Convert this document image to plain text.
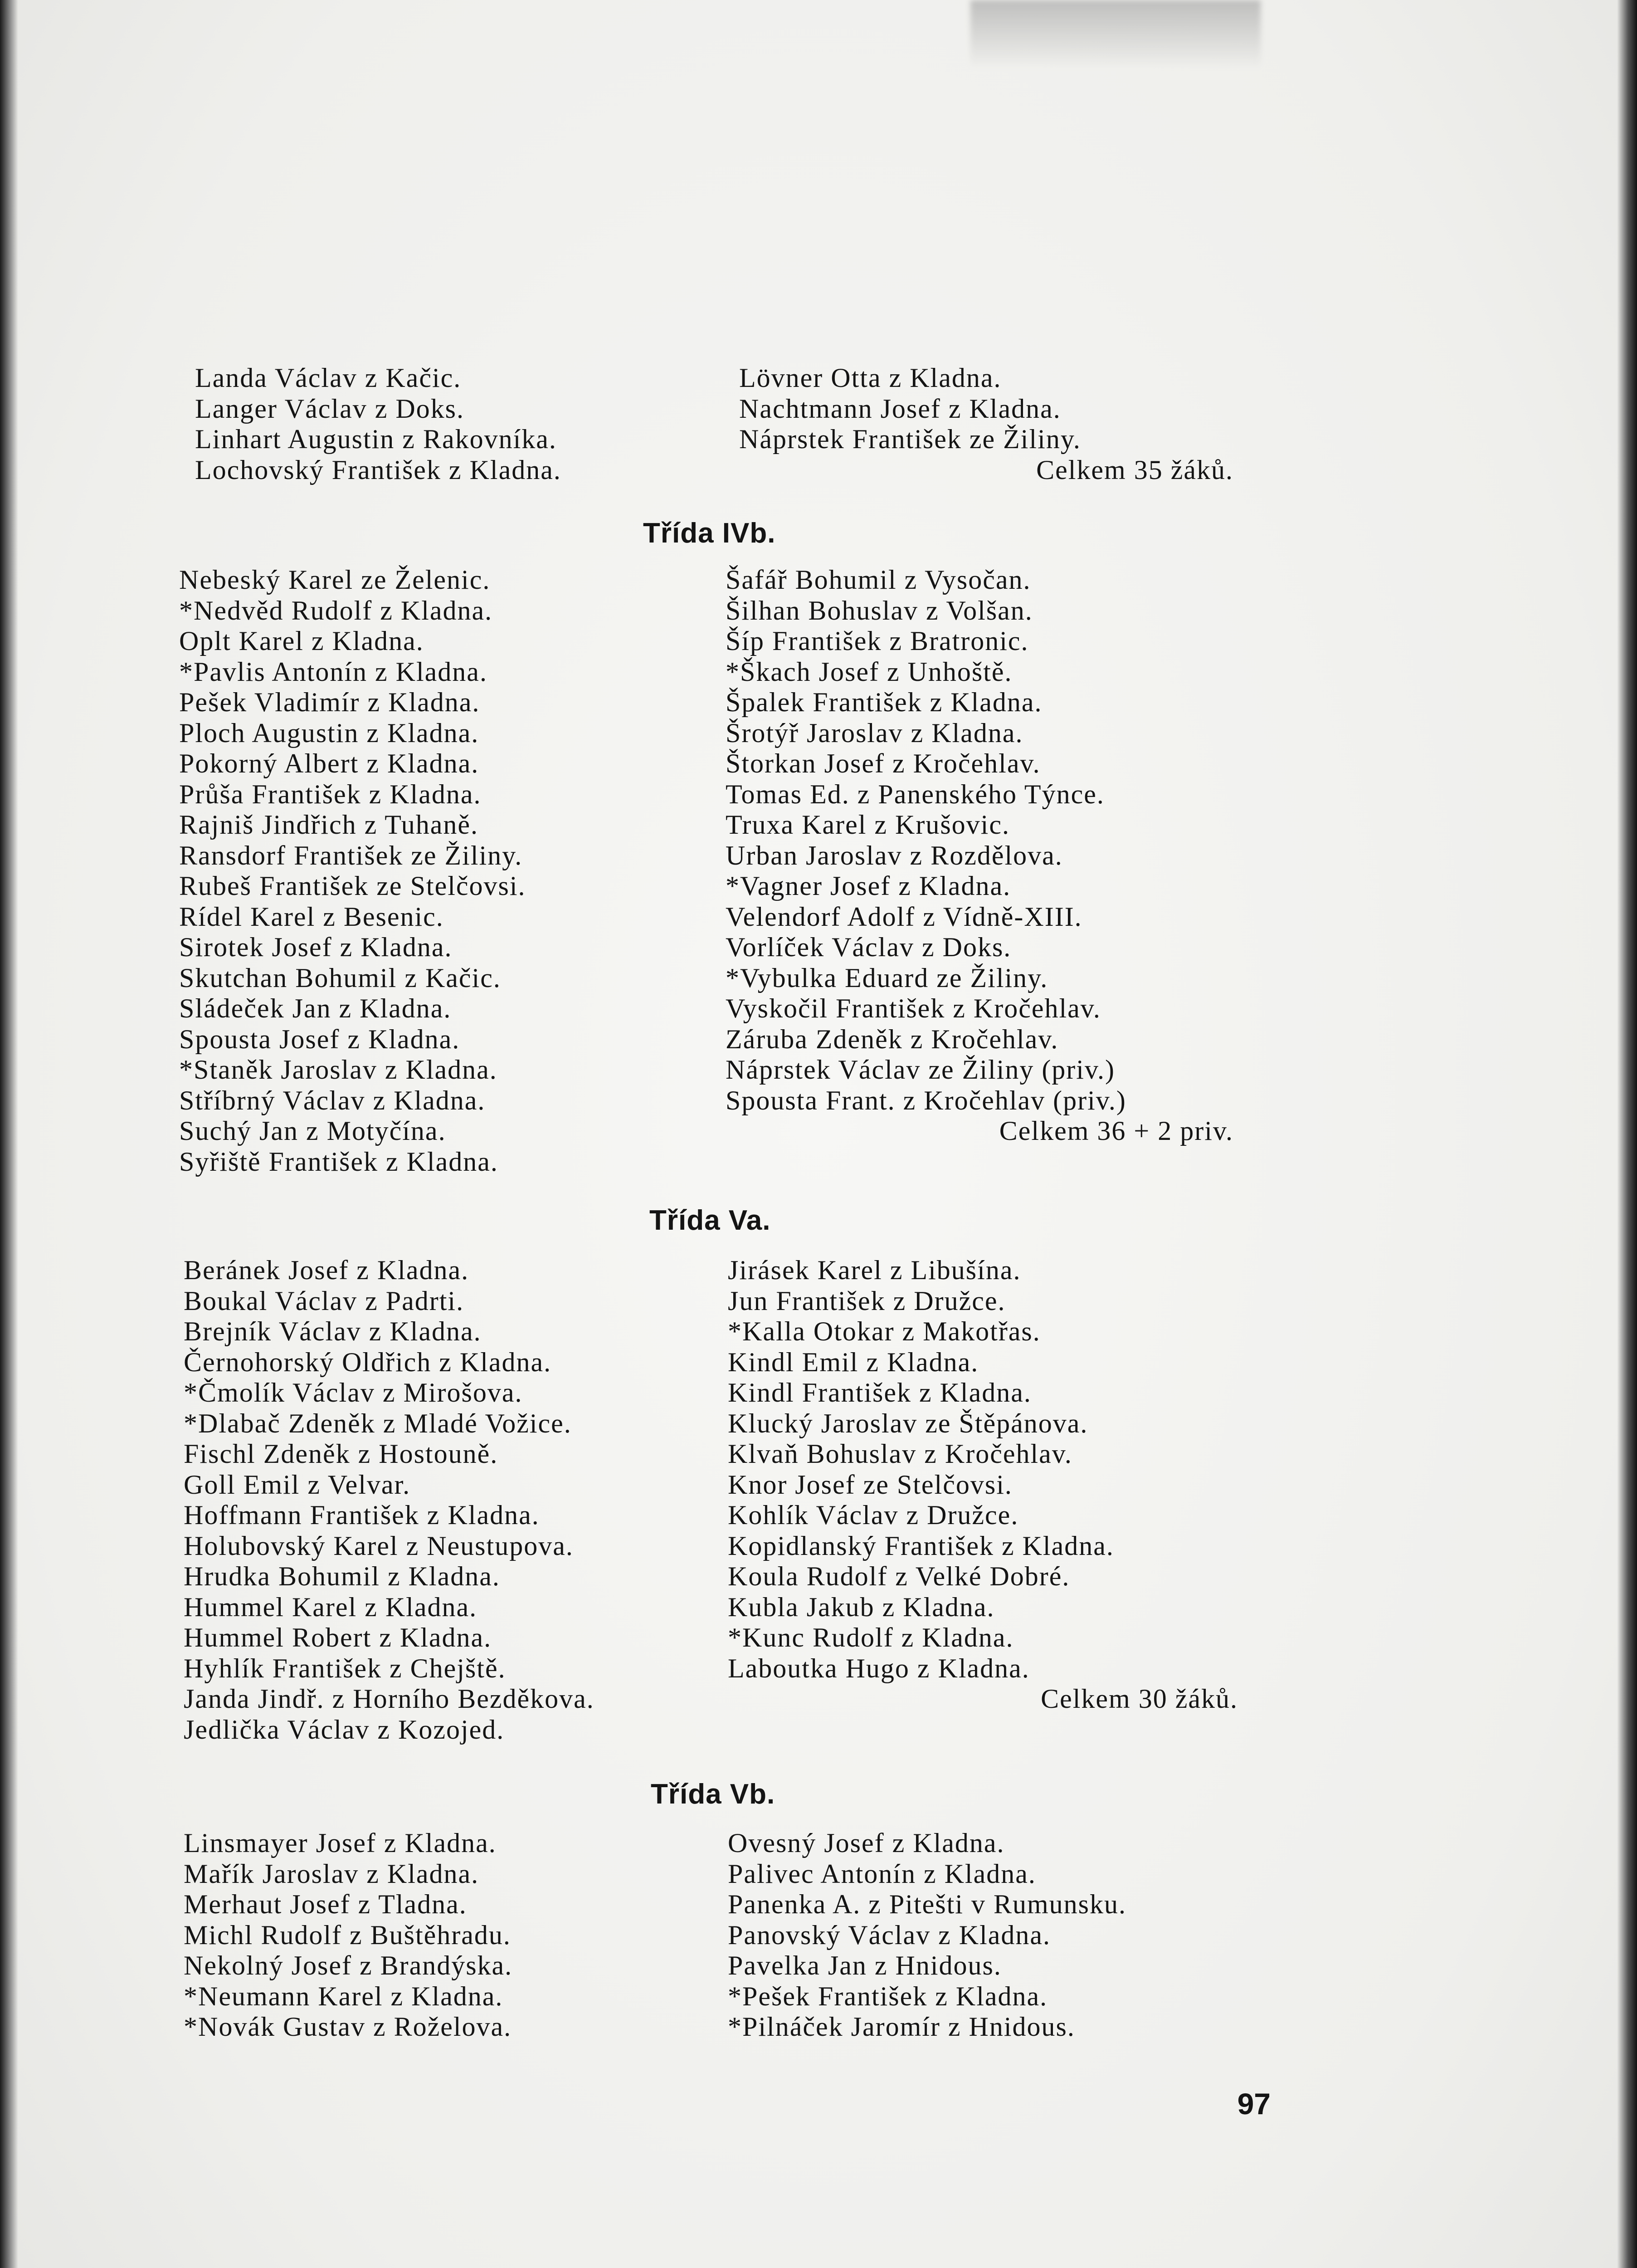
Landa Václav z Kačic.
Langer Václav z Doks.
Linhart Augustin z Rakovníka.
Lochovský František z Kladna.
Lövner Otta z Kladna.
Nachtmann Josef z Kladna.
Náprstek František ze Žiliny.
Celkem 35 žáků.
Třída IVb.
Nebeský Karel ze Želenic.
*Nedvěd Rudolf z Kladna.
Oplt Karel z Kladna.
*Pavlis Antonín z Kladna.
Pešek Vladimír z Kladna.
Ploch Augustin z Kladna.
Pokorný Albert z Kladna.
Průša František z Kladna.
Rajniš Jindřich z Tuhaně.
Ransdorf František ze Žiliny.
Rubeš František ze Stelčovsi.
Rídel Karel z Besenic.
Sirotek Josef z Kladna.
Skutchan Bohumil z Kačic.
Sládeček Jan z Kladna.
Spousta Josef z Kladna.
*Staněk Jaroslav z Kladna.
Stříbrný Václav z Kladna.
Suchý Jan z Motyčína.
Syřiště František z Kladna.
Šafář Bohumil z Vysočan.
Šilhan Bohuslav z Volšan.
Šíp František z Bratronic.
*Škach Josef z Unhoště.
Špalek František z Kladna.
Šrotýř Jaroslav z Kladna.
Štorkan Josef z Kročehlav.
Tomas Ed. z Panenského Týnce.
Truxa Karel z Krušovic.
Urban Jaroslav z Rozdělova.
*Vagner Josef z Kladna.
Velendorf Adolf z Vídně-XIII.
Vorlíček Václav z Doks.
*Vybulka Eduard ze Žiliny.
Vyskočil František z Kročehlav.
Záruba Zdeněk z Kročehlav.
Náprstek Václav ze Žiliny (priv.)
Spousta Frant. z Kročehlav (priv.)
Celkem 36 + 2 priv.
Třída Va.
Beránek Josef z Kladna.
Boukal Václav z Padrti.
Brejník Václav z Kladna.
Černohorský Oldřich z Kladna.
*Čmolík Václav z Mirošova.
*Dlabač Zdeněk z Mladé Vožice.
Fischl Zdeněk z Hostouně.
Goll Emil z Velvar.
Hoffmann František z Kladna.
Holubovský Karel z Neustupova.
Hrudka Bohumil z Kladna.
Hummel Karel z Kladna.
Hummel Robert z Kladna.
Hyhlík František z Chejště.
Janda Jindř. z Horního Bezděkova.
Jedlička Václav z Kozojed.
Jirásek Karel z Libušína.
Jun František z Družce.
*Kalla Otokar z Makotřas.
Kindl Emil z Kladna.
Kindl František z Kladna.
Klucký Jaroslav ze Štěpánova.
Klvaň Bohuslav z Kročehlav.
Knor Josef ze Stelčovsi.
Kohlík Václav z Družce.
Kopidlanský František z Kladna.
Koula Rudolf z Velké Dobré.
Kubla Jakub z Kladna.
*Kunc Rudolf z Kladna.
Laboutka Hugo z Kladna.
Celkem 30 žáků.
Třída Vb.
Linsmayer Josef z Kladna.
Mařík Jaroslav z Kladna.
Merhaut Josef z Tladna.
Michl Rudolf z Buštěhradu.
Nekolný Josef z Brandýska.
*Neumann Karel z Kladna.
*Novák Gustav z Roželova.
Ovesný Josef z Kladna.
Palivec Antonín z Kladna.
Panenka A. z Pitešti v Rumunsku.
Panovský Václav z Kladna.
Pavelka Jan z Hnidous.
*Pešek František z Kladna.
*Pilnáček Jaromír z Hnidous.
97
